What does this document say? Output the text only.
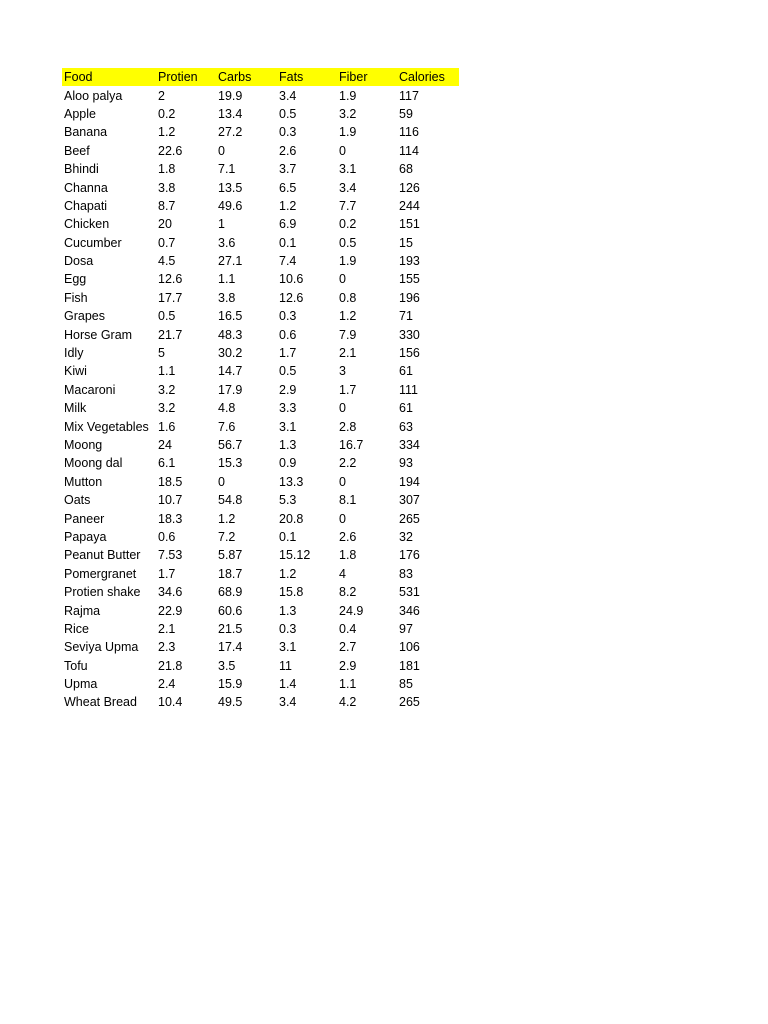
Food	Protien	Carbs	Fats	Fiber	Calories
Aloo palya	2	19.9	3.4	1.9	117
Apple	0.2	13.4	0.5	3.2	59
Banana	1.2	27.2	0.3	1.9	116
Beef	22.6	0	2.6	0	114
Bhindi	1.8	7.1	3.7	3.1	68
Channa	3.8	13.5	6.5	3.4	126
Chapati	8.7	49.6	1.2	7.7	244
Chicken	20	1	6.9	0.2	151
Cucumber	0.7	3.6	0.1	0.5	15
Dosa	4.5	27.1	7.4	1.9	193
Egg	12.6	1.1	10.6	0	155
Fish	17.7	3.8	12.6	0.8	196
Grapes	0.5	16.5	0.3	1.2	71
Horse Gram	21.7	48.3	0.6	7.9	330
Idly	5	30.2	1.7	2.1	156
Kiwi	1.1	14.7	0.5	3	61
Macaroni	3.2	17.9	2.9	1.7	111
Milk	3.2	4.8	3.3	0	61
Mix Vegetables	1.6	7.6	3.1	2.8	63
Moong	24	56.7	1.3	16.7	334
Moong dal	6.1	15.3	0.9	2.2	93
Mutton	18.5	0	13.3	0	194
Oats	10.7	54.8	5.3	8.1	307
Paneer	18.3	1.2	20.8	0	265
Papaya	0.6	7.2	0.1	2.6	32
Peanut Butter	7.53	5.87	15.12	1.8	176
Pomergranet	1.7	18.7	1.2	4	83
Protien shake	34.6	68.9	15.8	8.2	531
Rajma	22.9	60.6	1.3	24.9	346
Rice	2.1	21.5	0.3	0.4	97
Seviya Upma	2.3	17.4	3.1	2.7	106
Tofu	21.8	3.5	11	2.9	181
Upma	2.4	15.9	1.4	1.1	85
Wheat Bread	10.4	49.5	3.4	4.2	265
